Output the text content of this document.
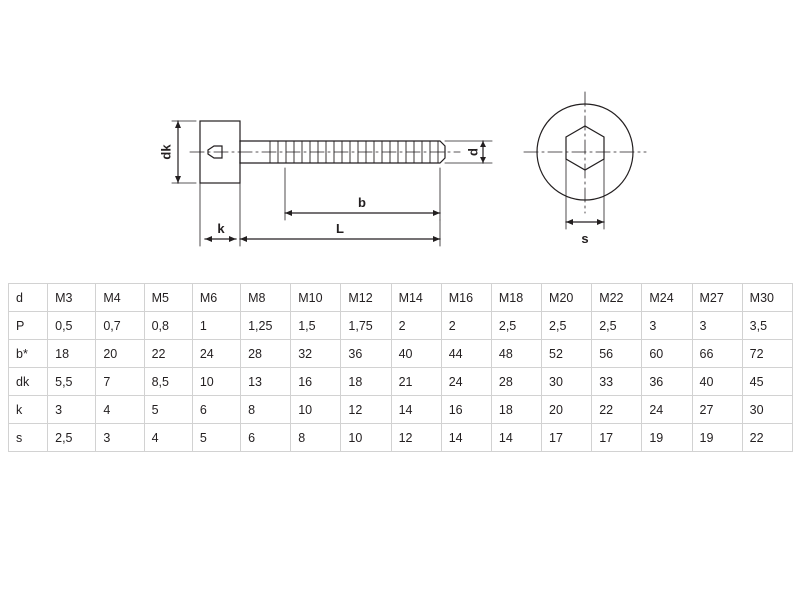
dk	d
b
L
k
s
d	M3	M4	M5	M6	M8	M10	M12	M14	M16	M18	M20	M22	M24	M27	M30
P	0,5	0,7	0,8	1	1,25	1,5	1,75	2	2	2,5	2,5	2,5	3	3	3,5
b*	18	20	22	24	28	32	36	40	44	48	52	56	60	66	72
dk	5,5	7	8,5	10	13	16	18	21	24	28	30	33	36	40	45
k	3	4	5	6	8	10	12	14	16	18	20	22	24	27	30
s	2,5	3	4	5	6	8	10	12	14	14	17	17	19	19	22
